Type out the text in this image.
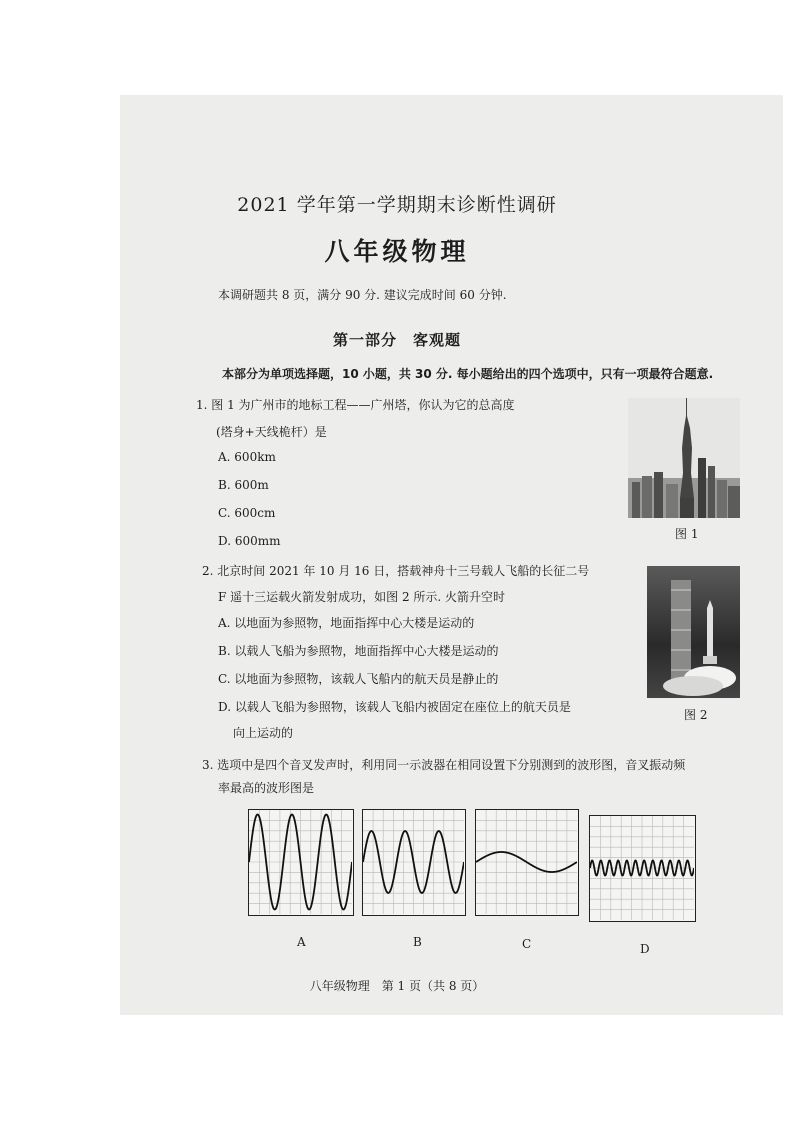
2021 学年第一学期期末诊断性调研
八年级物理
本调研题共 8 页，满分 90 分. 建议完成时间 60 分钟.
第一部分　客观题
本部分为单项选择题，10 小题，共 30 分. 每小题给出的四个选项中，只有一项最符合题意.
1. 图 1 为广州市的地标工程——广州塔，你认为它的总高度
(塔身+天线桅杆）是
A. 600km
B. 600m
C. 600cm
D. 600mm	图 1
2. 北京时间 2021 年 10 月 16 日，搭载神舟十三号载人飞船的长征二号
F 遥十三运载火箭发射成功，如图 2 所示. 火箭升空时
A. 以地面为参照物，地面指挥中心大楼是运动的
B. 以载人飞船为参照物，地面指挥中心大楼是运动的
C. 以地面为参照物，该载人飞船内的航天员是静止的
D. 以载人飞船为参照物，该载人飞船内被固定在座位上的航天员是
向上运动的
图 2
3. 选项中是四个音叉发声时，利用同一示波器在相同设置下分别测到的波形图，音叉振动频
率最高的波形图是
A	B	C	D
八年级物理　第 1 页（共 8 页）
